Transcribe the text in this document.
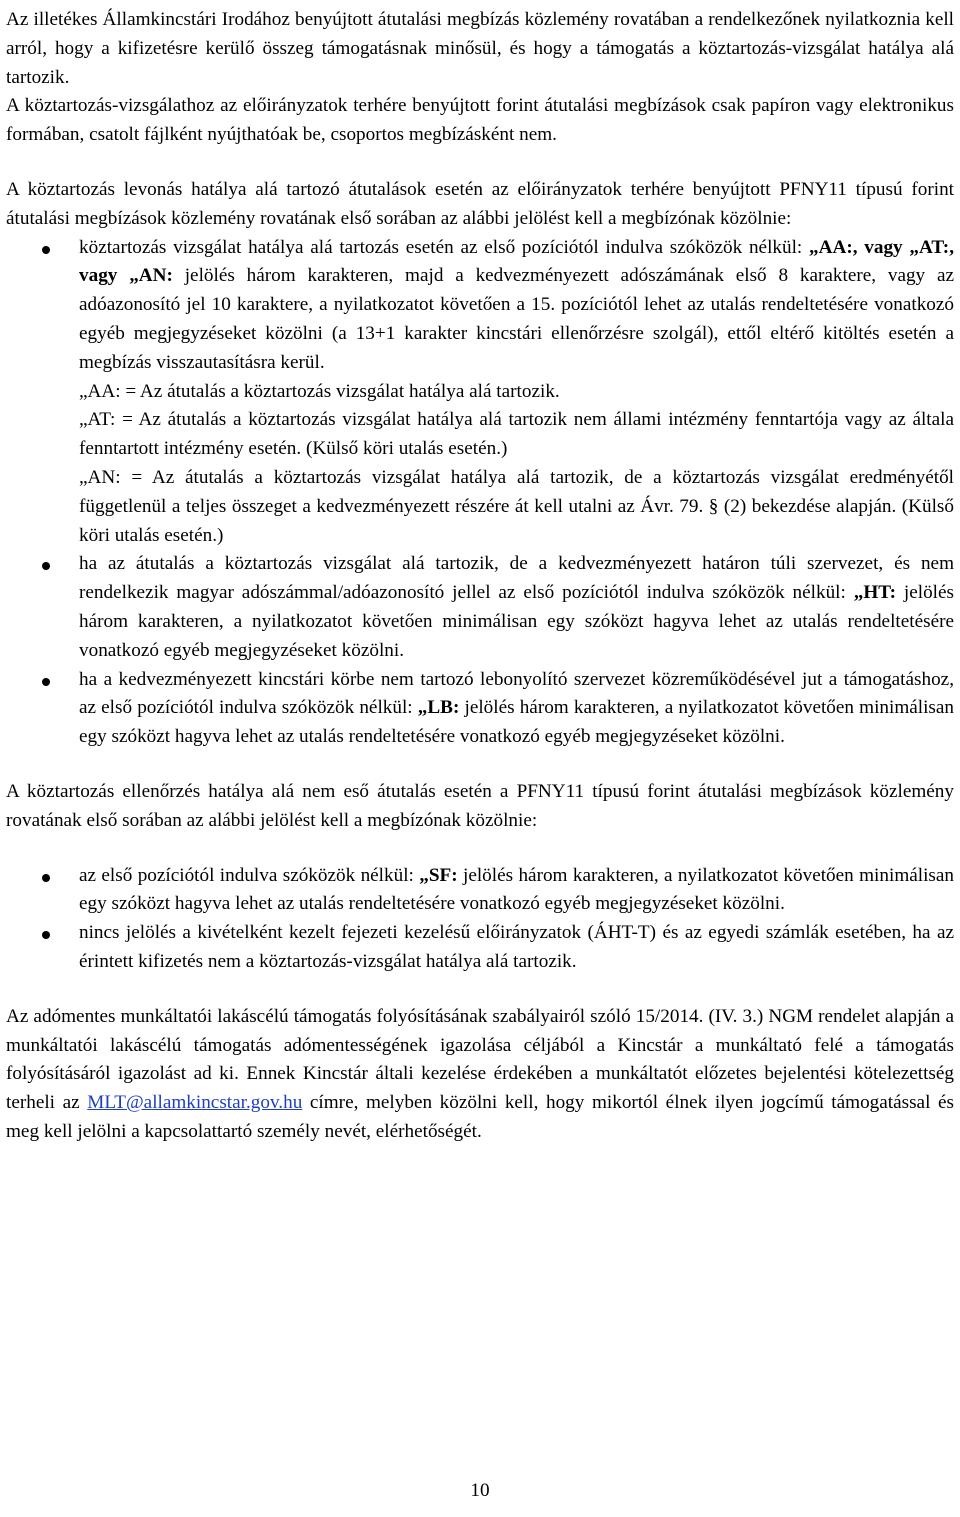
Az illetékes Államkincstári Irodához benyújtott átutalási megbízás közlemény rovatában a rendelkezőnek nyilatkoznia kell arról, hogy a kifizetésre kerülő összeg támogatásnak minősül, és hogy a támogatás a köztartozás-vizsgálat hatálya alá tartozik.

A köztartozás-vizsgálathoz az előirányzatok terhére benyújtott forint átutalási megbízások csak papíron vagy elektronikus formában, csatolt fájlként nyújthatóak be, csoportos megbízásként nem.

A köztartozás levonás hatálya alá tartozó átutalások esetén az előirányzatok terhére benyújtott PFNY11 típusú forint átutalási megbízások közlemény rovatának első sorában az alábbi jelölést kell a megbízónak közölnie:

köztartozás vizsgálat hatálya alá tartozás esetén az első pozíciótól indulva szóközök nélkül: „AA:, vagy „AT:, vagy „AN: jelölés három karakteren, majd a kedvezményezett adószámának első 8 karaktere, vagy az adóazonosító jel 10 karaktere, a nyilatkozatot követően a 15. pozíciótól lehet az utalás rendeltetésére vonatkozó egyéb megjegyzéseket közölni (a 13+1 karakter kincstári ellenőrzésre szolgál), ettől eltérő kitöltés esetén a megbízás visszautasításra kerül.
„AA: = Az átutalás a köztartozás vizsgálat hatálya alá tartozik.
„AT: = Az átutalás a köztartozás vizsgálat hatálya alá tartozik nem állami intézmény fenntartója vagy az általa fenntartott intézmény esetén. (Külső köri utalás esetén.)
„AN: = Az átutalás a köztartozás vizsgálat hatálya alá tartozik, de a köztartozás vizsgálat eredményétől függetlenül a teljes összeget a kedvezményezett részére át kell utalni az Ávr. 79. § (2) bekezdése alapján. (Külső köri utalás esetén.)
ha az átutalás a köztartozás vizsgálat alá tartozik, de a kedvezményezett határon túli szervezet, és nem rendelkezik magyar adószámmal/adóazonosító jellel az első pozíciótól indulva szóközök nélkül: „HT: jelölés három karakteren, a nyilatkozatot követően minimálisan egy szóközt hagyva lehet az utalás rendeltetésére vonatkozó egyéb megjegyzéseket közölni.
ha a kedvezményezett kincstári körbe nem tartozó lebonyolító szervezet közreműködésével jut a támogatáshoz, az első pozíciótól indulva szóközök nélkül: „LB: jelölés három karakteren, a nyilatkozatot követően minimálisan egy szóközt hagyva lehet az utalás rendeltetésére vonatkozó egyéb megjegyzéseket közölni.

A köztartozás ellenőrzés hatálya alá nem eső átutalás esetén a PFNY11 típusú forint átutalási megbízások közlemény rovatának első sorában az alábbi jelölést kell a megbízónak közölnie:

az első pozíciótól indulva szóközök nélkül: „SF: jelölés három karakteren, a nyilatkozatot követően minimálisan egy szóközt hagyva lehet az utalás rendeltetésére vonatkozó egyéb megjegyzéseket közölni.
nincs jelölés a kivételként kezelt fejezeti kezelésű előirányzatok (ÁHT-T) és az egyedi számlák esetében, ha az érintett kifizetés nem a köztartozás-vizsgálat hatálya alá tartozik.

Az adómentes munkáltatói lakáscélú támogatás folyósításának szabályairól szóló 15/2014. (IV. 3.) NGM rendelet alapján a munkáltatói lakáscélú támogatás adómentességének igazolása céljából a Kincstár a munkáltató felé a támogatás folyósításáról igazolást ad ki. Ennek Kincstár általi kezelése érdekében a munkáltatót előzetes bejelentési kötelezettség terheli az MLT@allamkincstar.gov.hu címre, melyben közölni kell, hogy mikortól élnek ilyen jogcímű támogatással és meg kell jelölni a kapcsolattartó személy nevét, elérhetőségét.

10
